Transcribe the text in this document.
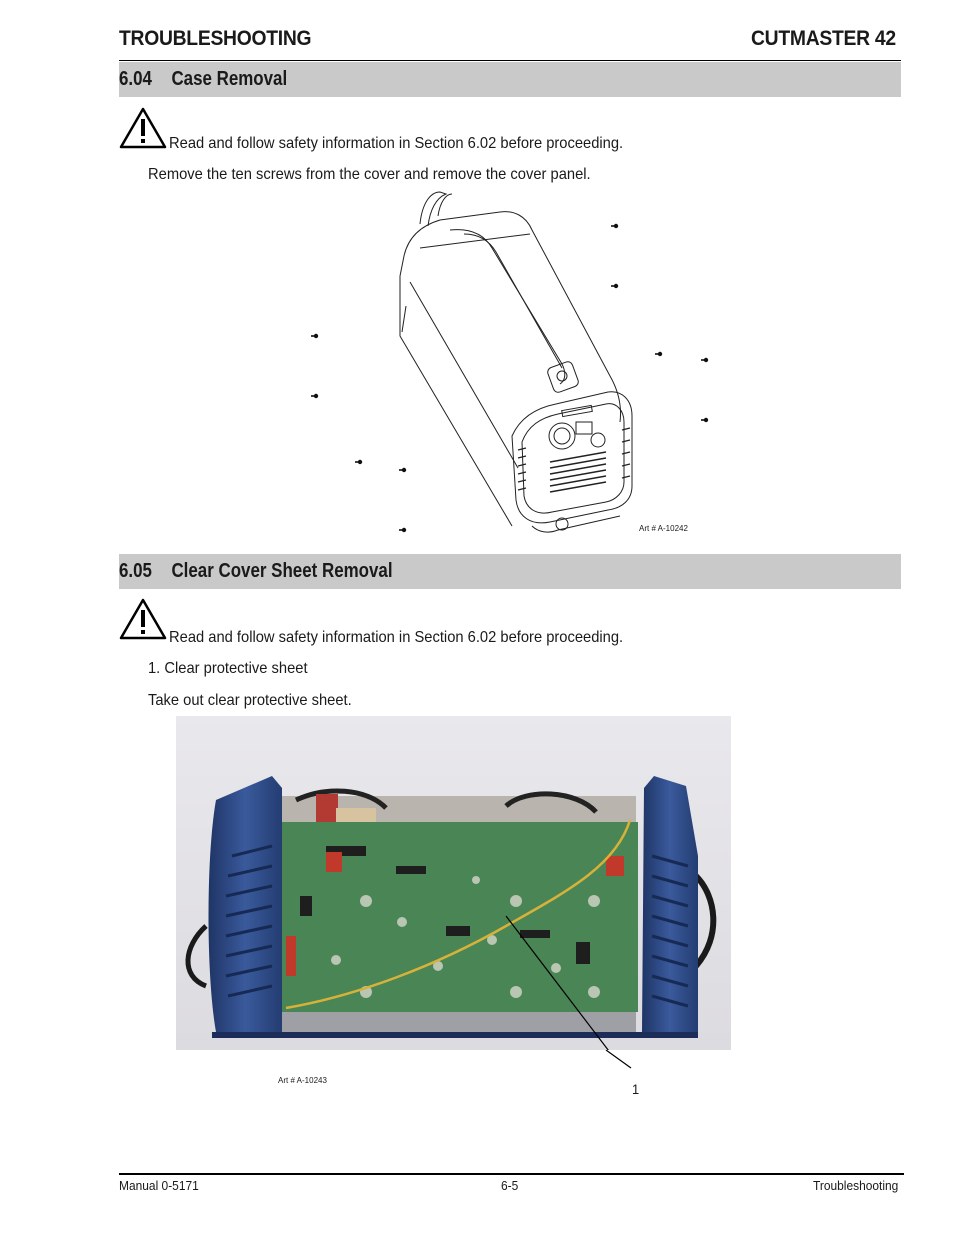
TROUBLESHOOTING	CUTMASTER 42
6.04 Case Removal
Read and follow safety information in Section 6.02 before proceeding.
Remove the ten screws from the cover and remove the cover panel.
Art # A-10242
6.05 Clear Cover Sheet Removal
Read and follow safety information in Section 6.02 before proceeding.
1. Clear protective sheet
Take out clear protective sheet.
Art # A-10243
1
Manual 0-5171	6-5	Troubleshooting
